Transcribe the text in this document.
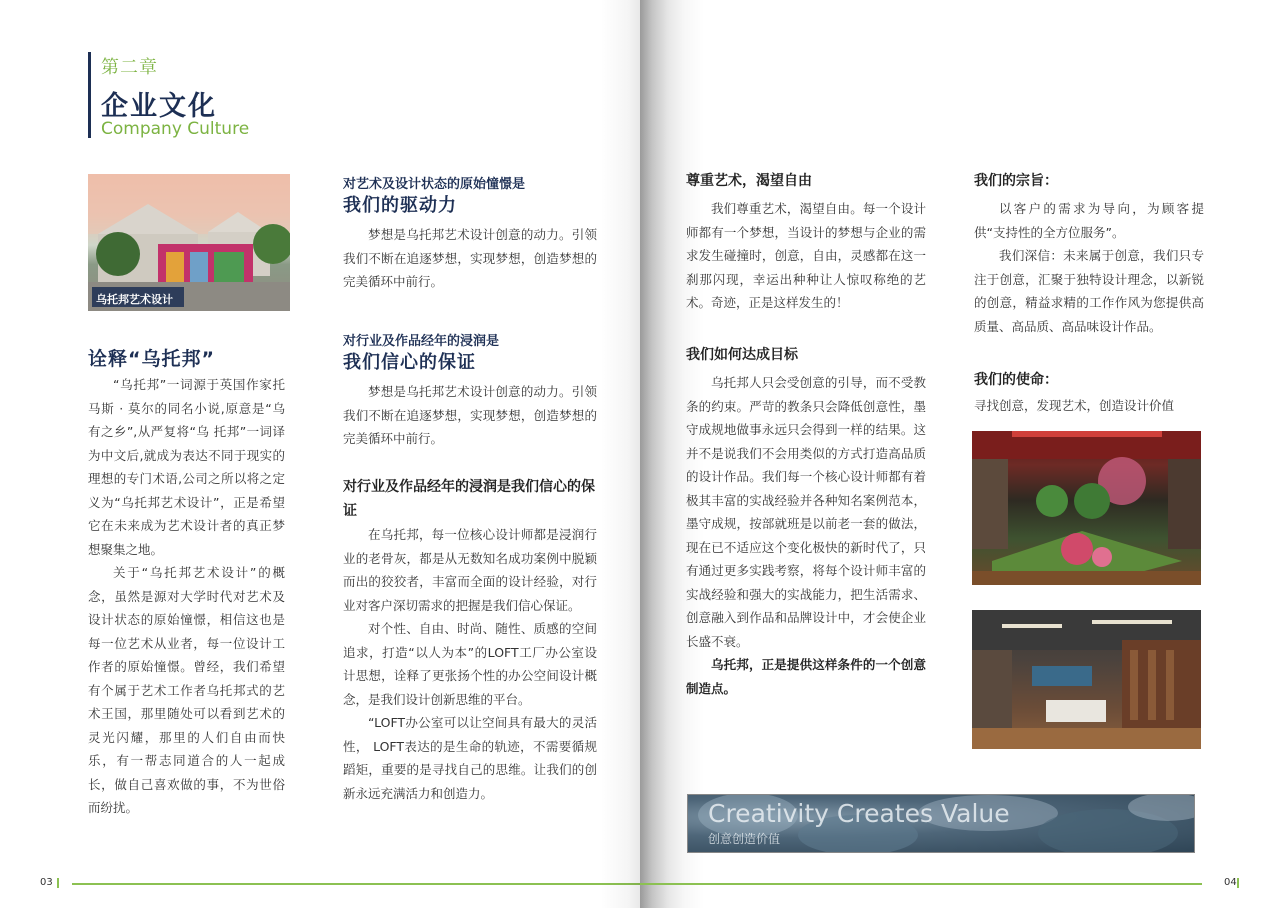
第二章
企业文化
Company Culture
乌托邦艺术设计
诠释“乌托邦”

“乌托邦”一词源于英国作家托马斯 · 莫尔的同名小说,原意是“乌有之乡”,从严复将“乌 托邦”一词译为中文后,就成为表达不同于现实的理想的专门术语,公司之所以将之定义为“乌托邦艺术设计”，正是希望它在未来成为艺术设计者的真正梦想聚集之地。

关于“乌托邦艺术设计”的概念，虽然是源对大学时代对艺术及设计状态的原始憧憬，相信这也是每一位艺术从业者，每一位设计工作者的原始憧憬。曾经，我们希望有个属于艺术工作者乌托邦式的艺术王国，那里随处可以看到艺术的灵光闪耀，那里的人们自由而快乐，有一帮志同道合的人一起成长，做自己喜欢做的事，不为世俗而纷扰。

对艺术及设计状态的原始憧憬是
我们的驱动力

梦想是乌托邦艺术设计创意的动力。引领我们不断在追逐梦想，实现梦想，创造梦想的完美循环中前行。

对行业及作品经年的浸润是
我们信心的保证

梦想是乌托邦艺术设计创意的动力。引领我们不断在追逐梦想，实现梦想，创造梦想的完美循环中前行。

对行业及作品经年的浸润是我们信心的保证

在乌托邦，每一位核心设计师都是浸润行业的老骨灰，都是从无数知名成功案例中脱颖而出的狡狡者，丰富而全面的设计经验，对行业对客户深切需求的把握是我们信心保证。

对个性、自由、时尚、随性、质感的空间追求，打造“以人为本”的LOFT工厂办公室设计思想，诠释了更张扬个性的办公空间设计概念，是我们设计创新思维的平台。

“LOFT办公室可以让空间具有最大的灵活性， LOFT表达的是生命的轨迹，不需要循规蹈矩，重要的是寻找自己的思维。让我们的创新永远充满活力和创造力。

03
尊重艺术，渴望自由

我们尊重艺术，渴望自由。每一个设计师都有一个梦想，当设计的梦想与企业的需求发生碰撞时，创意，自由，灵感都在这一刹那闪现，幸运出种种让人惊叹称绝的艺术。奇迹，正是这样发生的！

我们如何达成目标

乌托邦人只会受创意的引导，而不受教条的约束。严苛的教条只会降低创意性，墨守成规地做事永远只会得到一样的结果。这并不是说我们不会用类似的方式打造高品质的设计作品。我们每一个核心设计师都有着极其丰富的实战经验并各种知名案例范本，墨守成规，按部就班是以前老一套的做法，现在已不适应这个变化极快的新时代了，只有通过更多实践考察，将每个设计师丰富的实战经验和强大的实战能力，把生活需求、创意融入到作品和品牌设计中，才会使企业长盛不衰。

乌托邦，正是提供这样条件的一个创意制造点。

我们的宗旨：

以客户的需求为导向，为顾客提供“支持性的全方位服务”。

我们深信：未来属于创意，我们只专注于创意，汇聚于独特设计理念，以新锐的创意，精益求精的工作作风为您提供高质量、高品质、高品味设计作品。

我们的使命：
寻找创意，发现艺术，创造设计价值
04
Creativity Creates Value
创意创造价值
